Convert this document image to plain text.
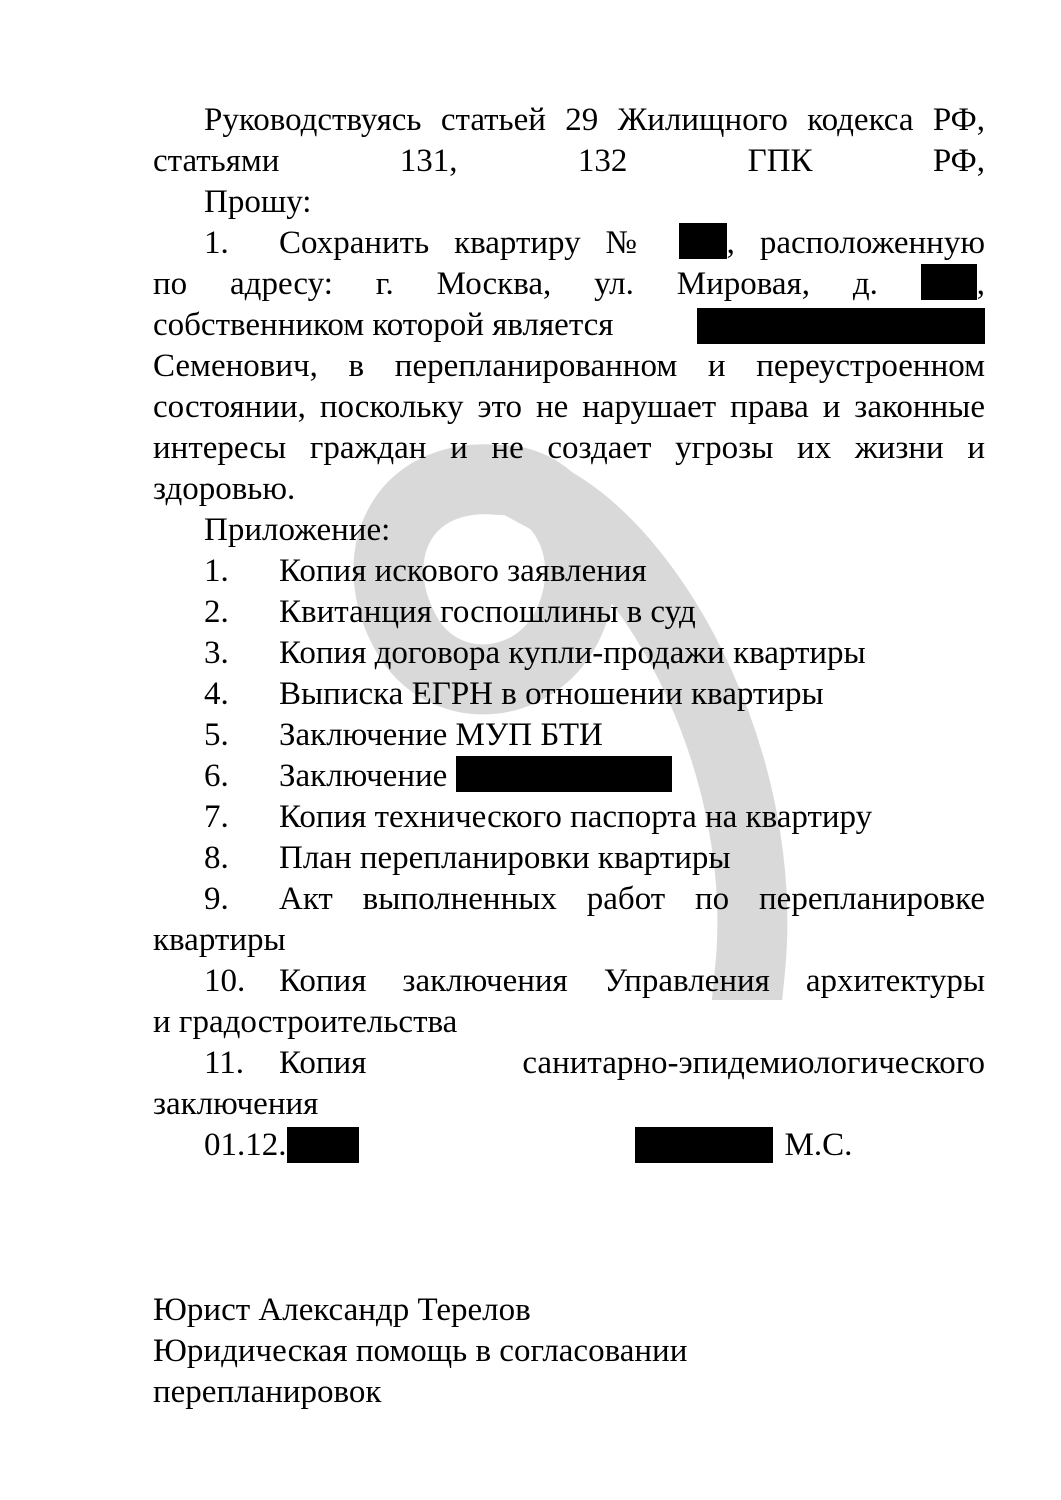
Руководствуясь статьей 29 Жилищного кодекса РФ, статьями 131, 132 ГПК РФ,

Прошу:

1. Сохранить квартиру № , расположенную

по адресу: г. Москва, ул. Мировая, д.	,

собственником которой является

Семенович, в перепланированном и переустроенном состоянии, поскольку это не нарушает права и законные интересы граждан и не создает угрозы их жизни и здоровью.

Приложение:

1. Копия искового заявления

2. Квитанция госпошлины в суд

3. Копия договора купли-продажи квартиры

4. Выписка ЕГРН в отношении квартиры

5. Заключение МУП БТИ

6. Заключение

7. Копия технического паспорта на квартиру

8. План перепланировки квартиры

9. Акт выполненных работ по перепланировке

квартиры

10. Копия заключения Управления архитектуры

и градостроительства

11. Копия санитарно-эпидемиологического

заключения

01.12.	М.С.

Юрист Александр Терелов

Юридическая помощь в согласовании

перепланировок
